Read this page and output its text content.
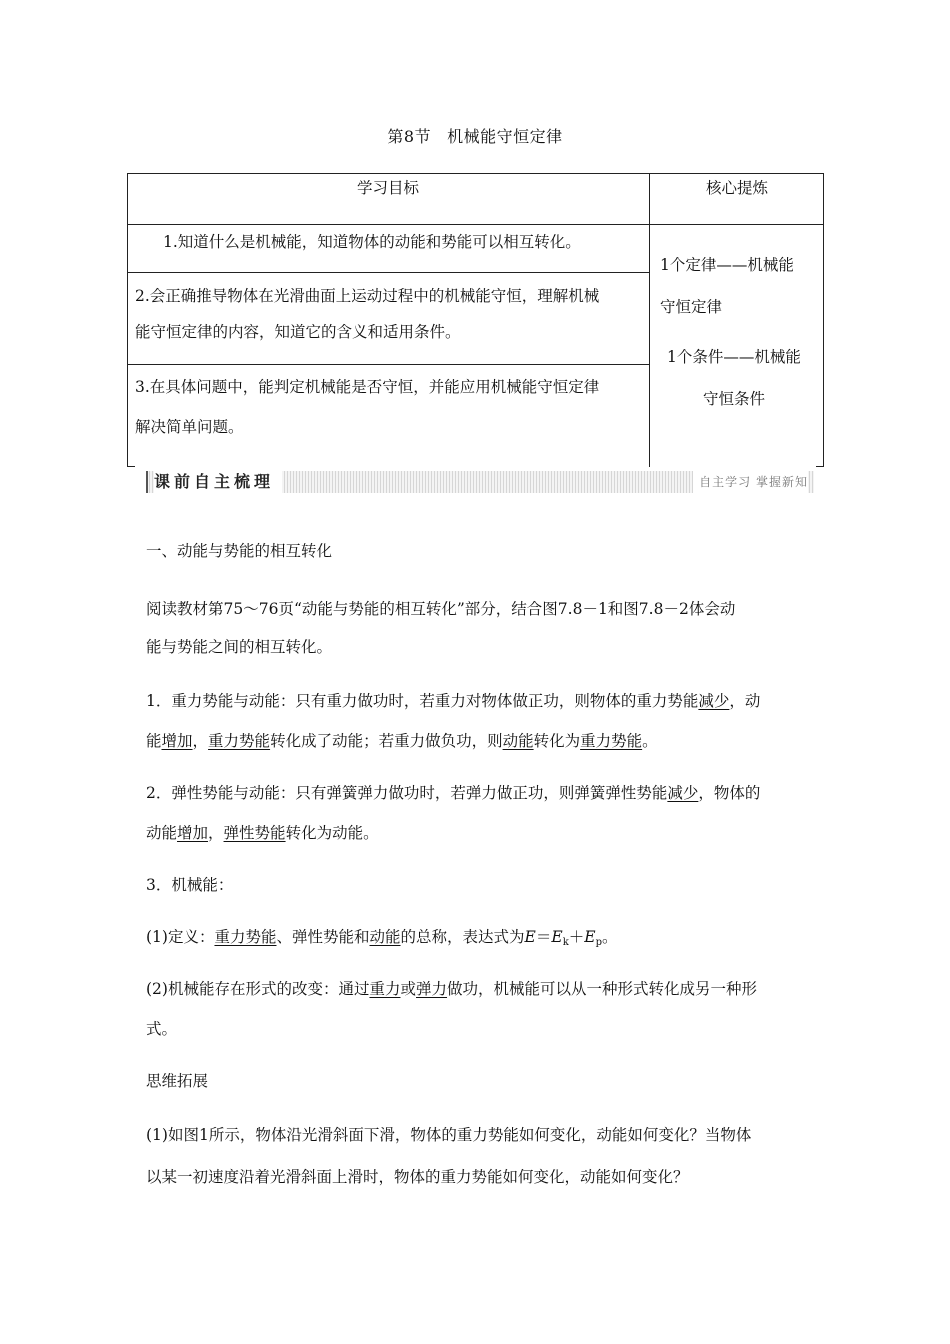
第8节 机械能守恒定律
学习目标	核心提炼
1.知道什么是机械能，知道物体的动能和势能可以相互转化。
2.会正确推导物体在光滑曲面上运动过程中的机械能守恒，理解机械
能守恒定律的内容，知道它的含义和适用条件。
3.在具体问题中，能判定机械能是否守恒，并能应用机械能守恒定律
解决简单问题。
1个定律——机械能
守恒定律
1个条件——机械能
守恒条件
课前自主梳理	自主学习 掌握新知
一、动能与势能的相互转化
阅读教材第75～76页“动能与势能的相互转化”部分，结合图7.8－1和图7.8－2体会动
能与势能之间的相互转化。
1．重力势能与动能：只有重力做功时，若重力对物体做正功，则物体的重力势能减少，动
能增加，重力势能转化成了动能；若重力做负功，则动能转化为重力势能。
2．弹性势能与动能：只有弹簧弹力做功时，若弹力做正功，则弹簧弹性势能减少，物体的
动能增加，弹性势能转化为动能。
3．机械能：
(1)定义：重力势能、弹性势能和动能的总称，表达式为$E=E_k+E_p$。
(2)机械能存在形式的改变：通过重力或弹力做功，机械能可以从一种形式转化成另一种形
式。
思维拓展
(1)如图1所示，物体沿光滑斜面下滑，物体的重力势能如何变化，动能如何变化？当物体
以某一初速度沿着光滑斜面上滑时，物体的重力势能如何变化，动能如何变化？
